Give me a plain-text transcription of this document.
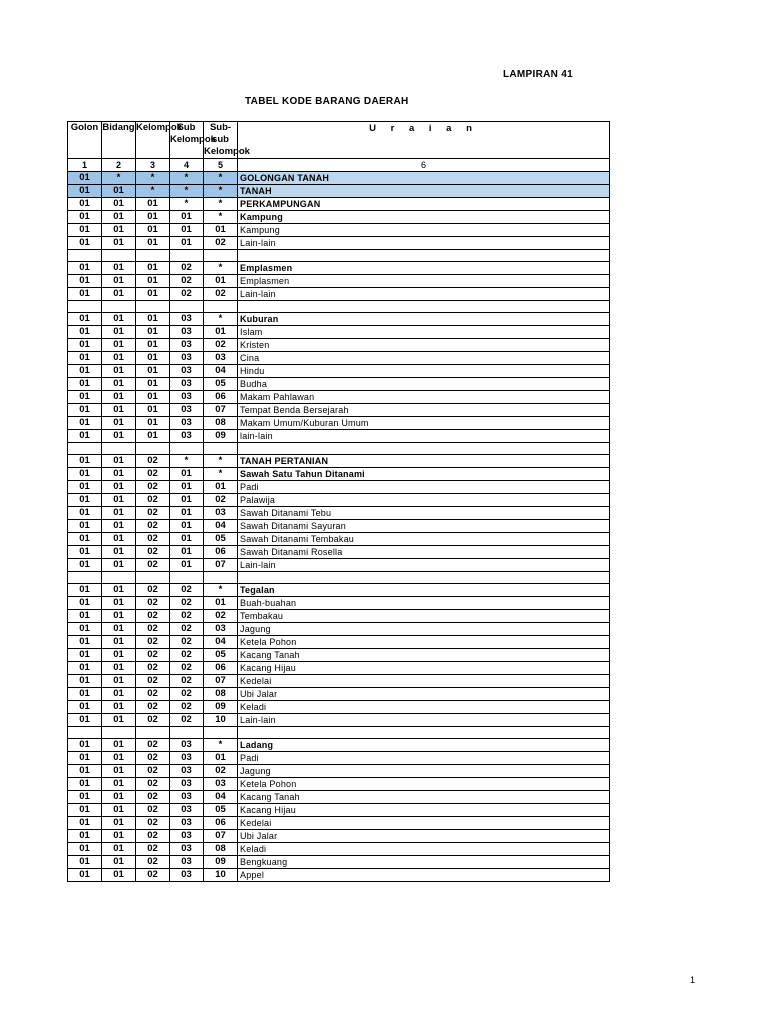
LAMPIRAN 41
TABEL KODE BARANG DAERAH
Golon	Bidang	Kelompok	Sub Kelompok	Sub-sub Kelompok	U r a i a n
1	2	3	4	5	6
01	*	*	*	*	GOLONGAN TANAH
01	01	*	*	*	TANAH
01	01	01	*	*	PERKAMPUNGAN
01	01	01	01	*	Kampung
01	01	01	01	01	Kampung
01	01	01	01	02	Lain-lain

01	01	01	02	*	Emplasmen
01	01	01	02	01	Emplasmen
01	01	01	02	02	Lain-lain

01	01	01	03	*	Kuburan
01	01	01	03	01	Islam
01	01	01	03	02	Kristen
01	01	01	03	03	Cina
01	01	01	03	04	Hindu
01	01	01	03	05	Budha
01	01	01	03	06	Makam Pahlawan
01	01	01	03	07	Tempat Benda Bersejarah
01	01	01	03	08	Makam Umum/Kuburan Umum
01	01	01	03	09	lain-lain

01	01	02	*	*	TANAH PERTANIAN
01	01	02	01	*	Sawah Satu Tahun Ditanami
01	01	02	01	01	Padi
01	01	02	01	02	Palawija
01	01	02	01	03	Sawah Ditanami Tebu
01	01	02	01	04	Sawah Ditanami Sayuran
01	01	02	01	05	Sawah Ditanami Tembakau
01	01	02	01	06	Sawah Ditanami Rosella
01	01	02	01	07	Lain-lain

01	01	02	02	*	Tegalan
01	01	02	02	01	Buah-buahan
01	01	02	02	02	Tembakau
01	01	02	02	03	Jagung
01	01	02	02	04	Ketela Pohon
01	01	02	02	05	Kacang Tanah
01	01	02	02	06	Kacang Hijau
01	01	02	02	07	Kedelai
01	01	02	02	08	Ubi Jalar
01	01	02	02	09	Keladi
01	01	02	02	10	Lain-lain

01	01	02	03	*	Ladang
01	01	02	03	01	Padi
01	01	02	03	02	Jagung
01	01	02	03	03	Ketela Pohon
01	01	02	03	04	Kacang Tanah
01	01	02	03	05	Kacang Hijau
01	01	02	03	06	Kedelai
01	01	02	03	07	Ubi Jalar
01	01	02	03	08	Keladi
01	01	02	03	09	Bengkuang
01	01	02	03	10	Appel
1
